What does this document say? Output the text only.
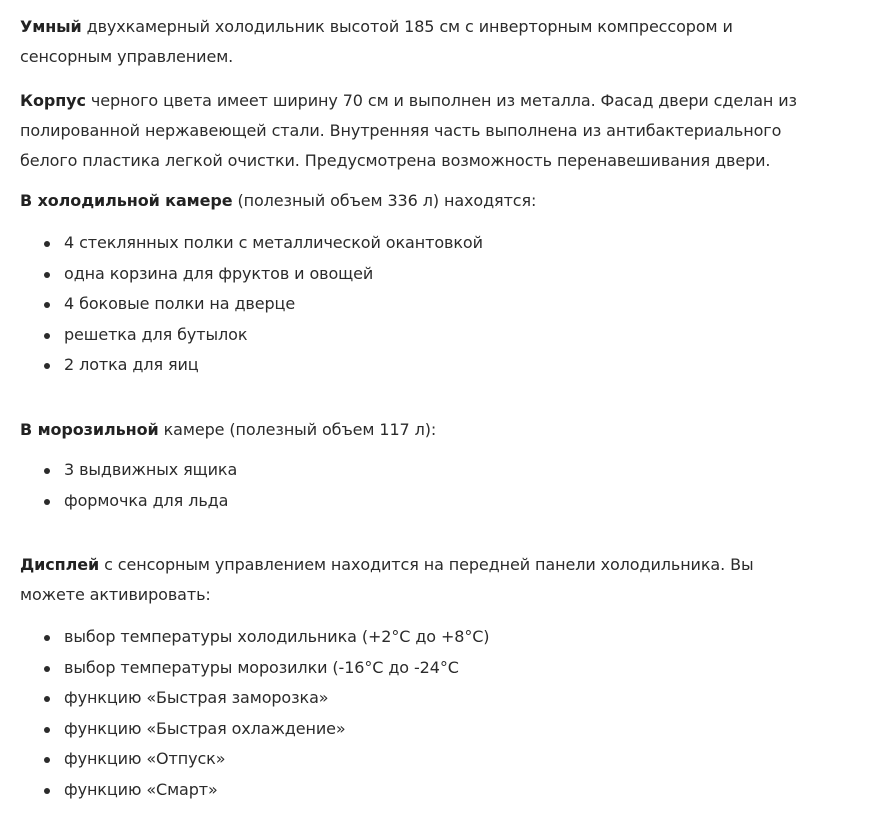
Умный двухкамерный холодильник высотой 185 см с инверторным компрессором и
сенсорным управлением.

Корпус черного цвета имеет ширину 70 см и выполнен из металла. Фасад двери сделан из
полированной нержавеющей стали. Внутренняя часть выполнена из антибактериального
белого пластика легкой очистки. Предусмотрена возможность перенавешивания двери.

В холодильной камере (полезный объем 336 л) находятся:

4 стеклянных полки с металлической окантовкой
одна корзина для фруктов и овощей
4 боковые полки на дверце
решетка для бутылок
2 лотка для яиц

В морозильной камере (полезный объем 117 л):

3 выдвижных ящика
формочка для льда

Дисплей с сенсорным управлением находится на передней панели холодильника. Вы
можете активировать:

выбор температуры холодильника (+2°C до +8°C)
выбор температуры морозилки (-16°C до -24°C
функцию «Быстрая заморозка»
функцию «Быстрая охлаждение»
функцию «Отпуск»
функцию «Смарт»
